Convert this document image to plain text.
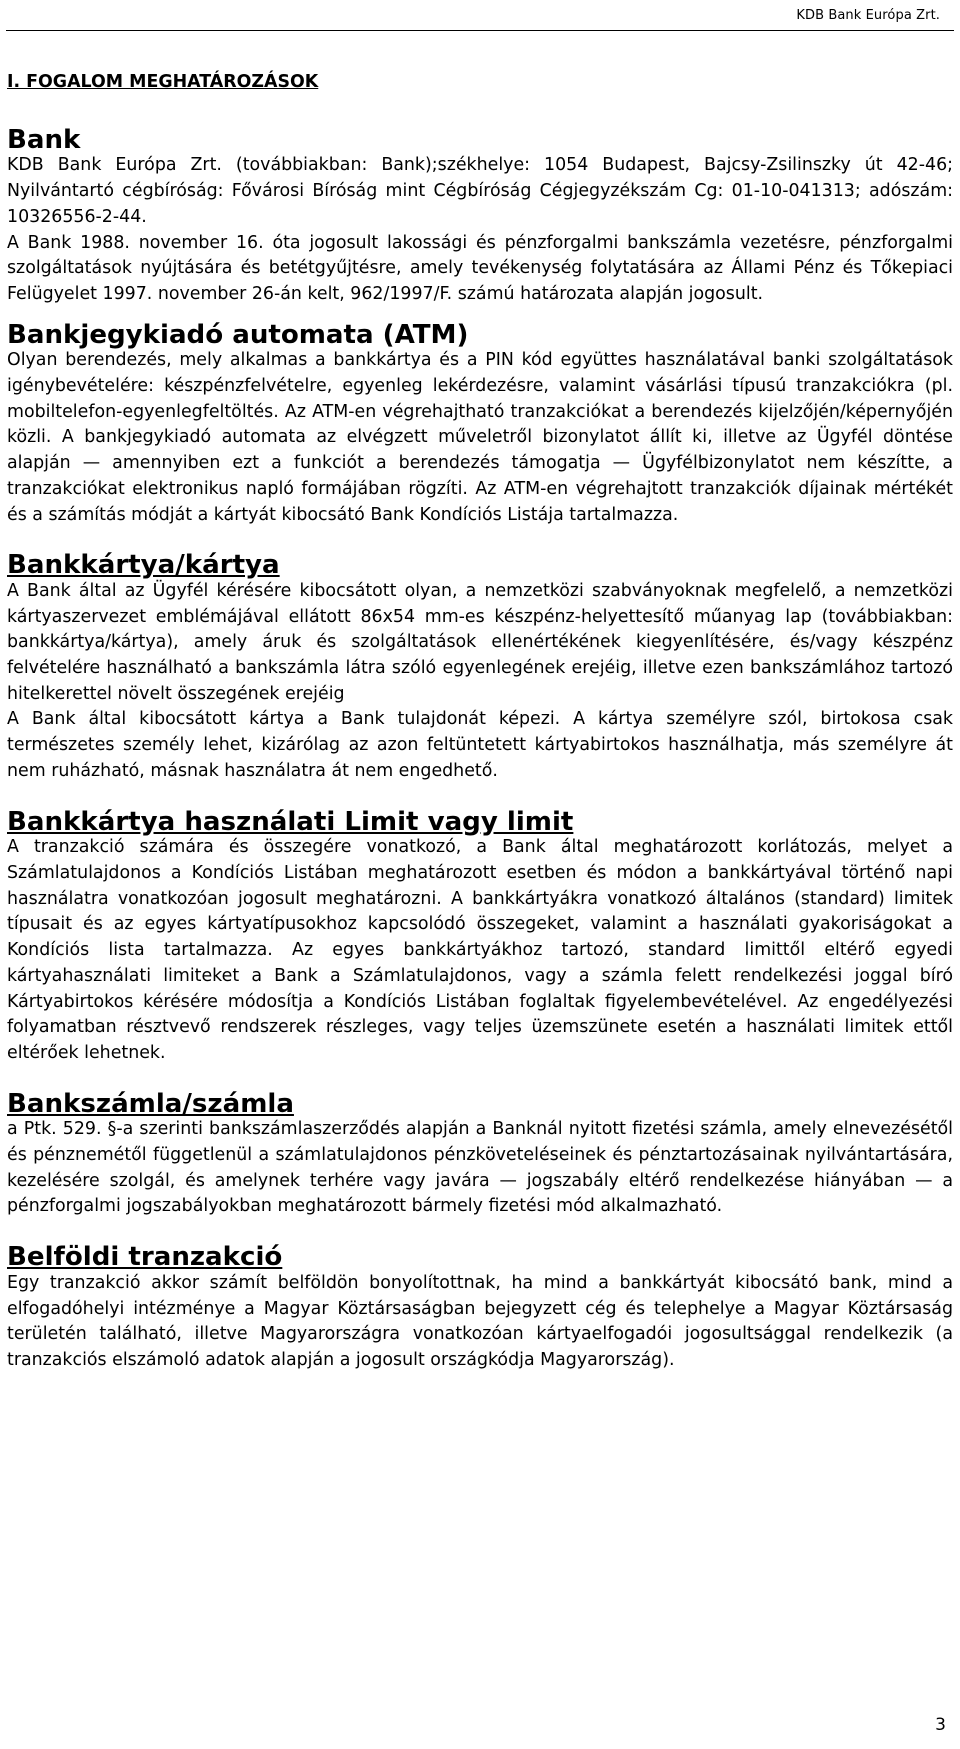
KDB Bank Európa Zrt.
I. FOGALOM MEGHATÁROZÁSOK
Bank

KDB Bank Európa Zrt. (továbbiakban: Bank);székhelye: 1054 Budapest, Bajcsy-Zsilinszky út 42-46; Nyilvántartó cégbíróság: Fővárosi Bíróság mint Cégbíróság Cégjegyzékszám Cg: 01-10-041313; adószám: 10326556-2-44.

A Bank 1988. november 16. óta jogosult lakossági és pénzforgalmi bankszámla vezetésre, pénzforgalmi szolgáltatások nyújtására és betétgyűjtésre, amely tevékenység folytatására az Állami Pénz és Tőkepiaci Felügyelet 1997. november 26-án kelt, 962/1997/F. számú határozata alapján jogosult.

Bankjegykiadó automata (ATM)

Olyan berendezés, mely alkalmas a bankkártya és a PIN kód együttes használatával banki szolgáltatások igénybevételére: készpénzfelvételre, egyenleg lekérdezésre, valamint vásárlási típusú tranzakciókra (pl. mobiltelefon-egyenlegfeltöltés. Az ATM-en végrehajtható tranzakciókat a berendezés kijelzőjén/képernyőjén közli. A bankjegykiadó automata az elvégzett műveletről bizonylatot állít ki, illetve az Ügyfél döntése alapján — amennyiben ezt a funkciót a berendezés támogatja — Ügyfélbizonylatot nem készítte, a tranzakciókat elektronikus napló formájában rögzíti. Az ATM-en végrehajtott tranzakciók díjainak mértékét és a számítás módját a kártyát kibocsátó Bank Kondíciós Listája tartalmazza.

Bankkártya/kártya

A Bank által az Ügyfél kérésére kibocsátott olyan, a nemzetközi szabványoknak megfelelő, a nemzetközi kártyaszervezet emblémájával ellátott 86x54 mm-es készpénz-helyettesítő műanyag lap (továbbiakban: bankkártya/kártya), amely áruk és szolgáltatások ellenértékének kiegyenlítésére, és/vagy készpénz felvételére használható a bankszámla látra szóló egyenlegének erejéig, illetve ezen bankszámlához tartozó hitelkerettel növelt összegének erejéig

A Bank által kibocsátott kártya a Bank tulajdonát képezi. A kártya személyre szól, birtokosa csak természetes személy lehet, kizárólag az azon feltüntetett kártyabirtokos használhatja, más személyre át nem ruházható, másnak használatra át nem engedhető.

Bankkártya használati Limit vagy limit

A tranzakció számára és összegére vonatkozó, a Bank által meghatározott korlátozás, melyet a Számlatulajdonos a Kondíciós Listában meghatározott esetben és módon a bankkártyával történő napi használatra vonatkozóan jogosult meghatározni. A bankkártyákra vonatkozó általános (standard) limitek típusait és az egyes kártyatípusokhoz kapcsolódó összegeket, valamint a használati gyakoriságokat a Kondíciós lista tartalmazza. Az egyes bankkártyákhoz tartozó, standard limittől eltérő egyedi kártyahasználati limiteket a Bank a Számlatulajdonos, vagy a számla felett rendelkezési joggal bíró Kártyabirtokos kérésére módosítja a Kondíciós Listában foglaltak figyelembevételével. Az engedélyezési folyamatban résztvevő rendszerek részleges, vagy teljes üzemszünete esetén a használati limitek ettől eltérőek lehetnek.

Bankszámla/számla

a Ptk. 529. §-a szerinti bankszámlaszerződés alapján a Banknál nyitott fizetési számla, amely elnevezésétől és pénznemétől függetlenül a számlatulajdonos pénzköveteléseinek és pénztartozásainak nyilvántartására, kezelésére szolgál, és amelynek terhére vagy javára — jogszabály eltérő rendelkezése hiányában — a pénzforgalmi jogszabályokban meghatározott bármely fizetési mód alkalmazható.

Belföldi tranzakció

Egy tranzakció akkor számít belföldön bonyolítottnak, ha mind a bankkártyát kibocsátó bank, mind a elfogadóhelyi intézménye a Magyar Köztársaságban bejegyzett cég és telephelye a Magyar Köztársaság területén található, illetve Magyarországra vonatkozóan kártyaelfogadói jogosultsággal rendelkezik (a tranzakciós elszámoló adatok alapján a jogosult országkódja Magyarország).

3
